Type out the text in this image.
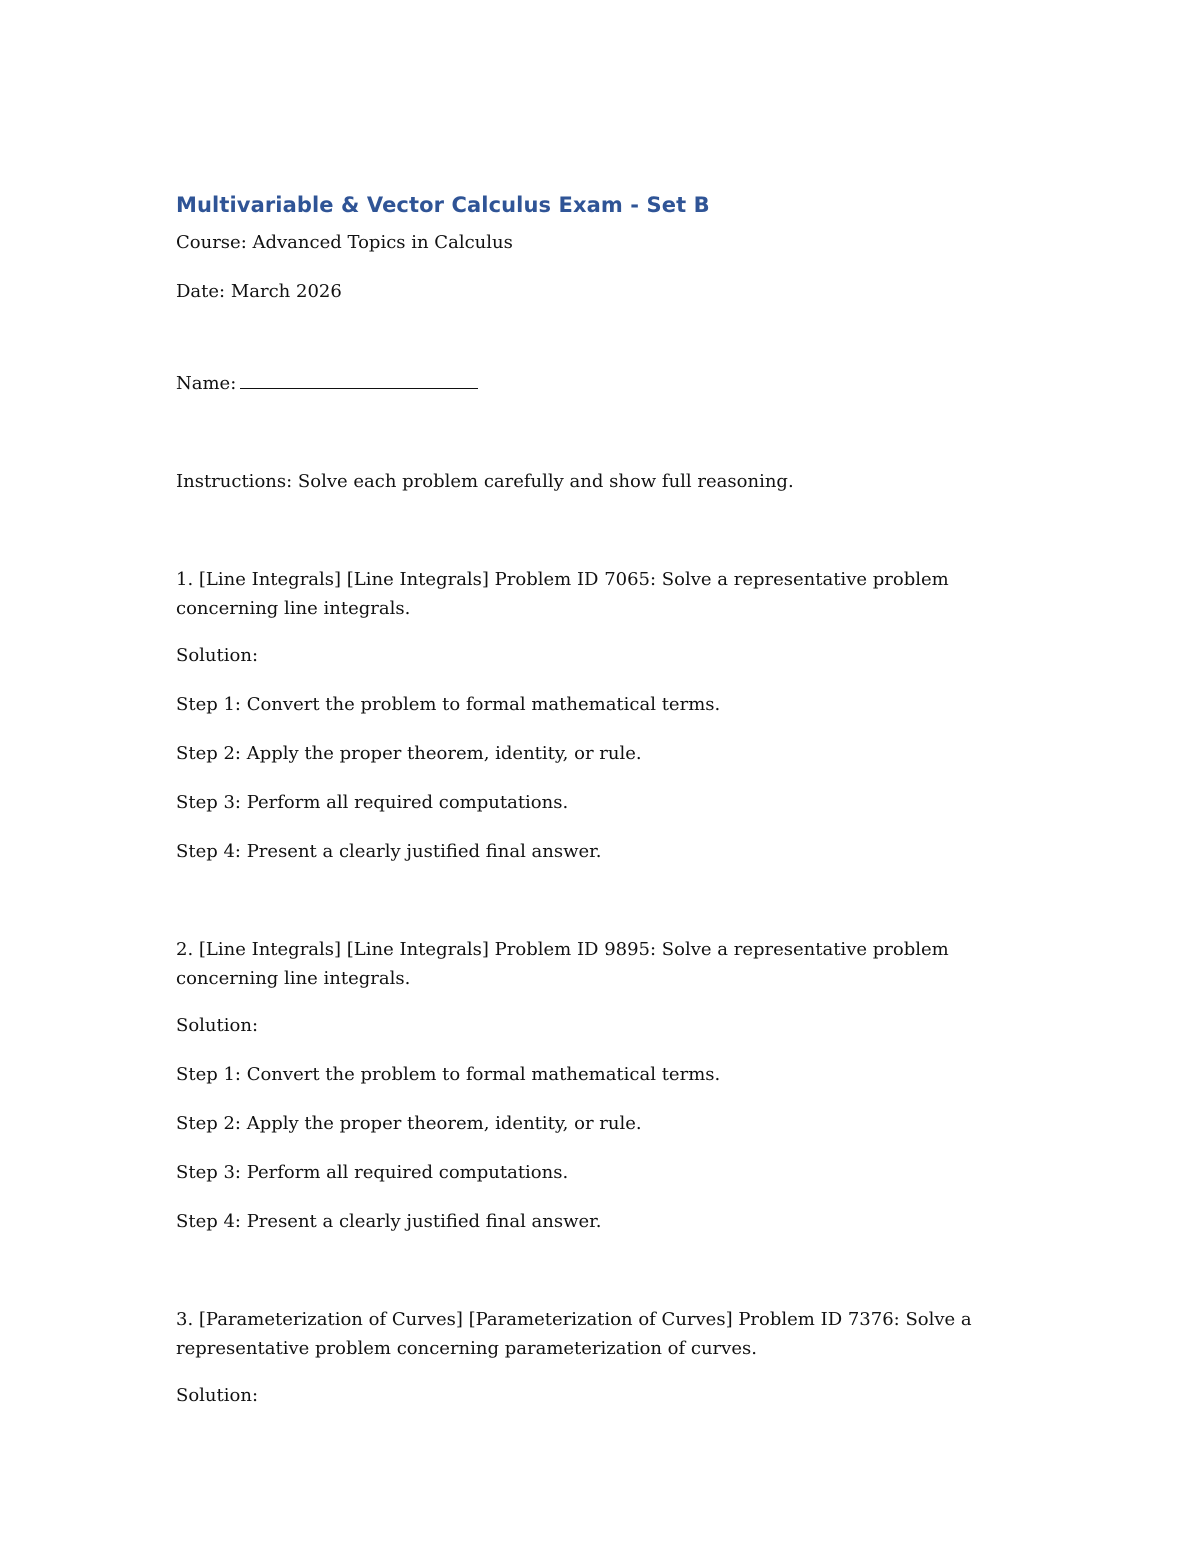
Multivariable & Vector Calculus Exam - Set B
Course: Advanced Topics in Calculus
Date: March 2026
Name:
Instructions: Solve each problem carefully and show full reasoning.
1. [Line Integrals] [Line Integrals] Problem ID 7065: Solve a representative problem concerning line integrals.
Solution:
Step 1: Convert the problem to formal mathematical terms.
Step 2: Apply the proper theorem, identity, or rule.
Step 3: Perform all required computations.
Step 4: Present a clearly justified final answer.
2. [Line Integrals] [Line Integrals] Problem ID 9895: Solve a representative problem concerning line integrals.
Solution:
Step 1: Convert the problem to formal mathematical terms.
Step 2: Apply the proper theorem, identity, or rule.
Step 3: Perform all required computations.
Step 4: Present a clearly justified final answer.
3. [Parameterization of Curves] [Parameterization of Curves] Problem ID 7376: Solve a representative problem concerning parameterization of curves.
Solution:
